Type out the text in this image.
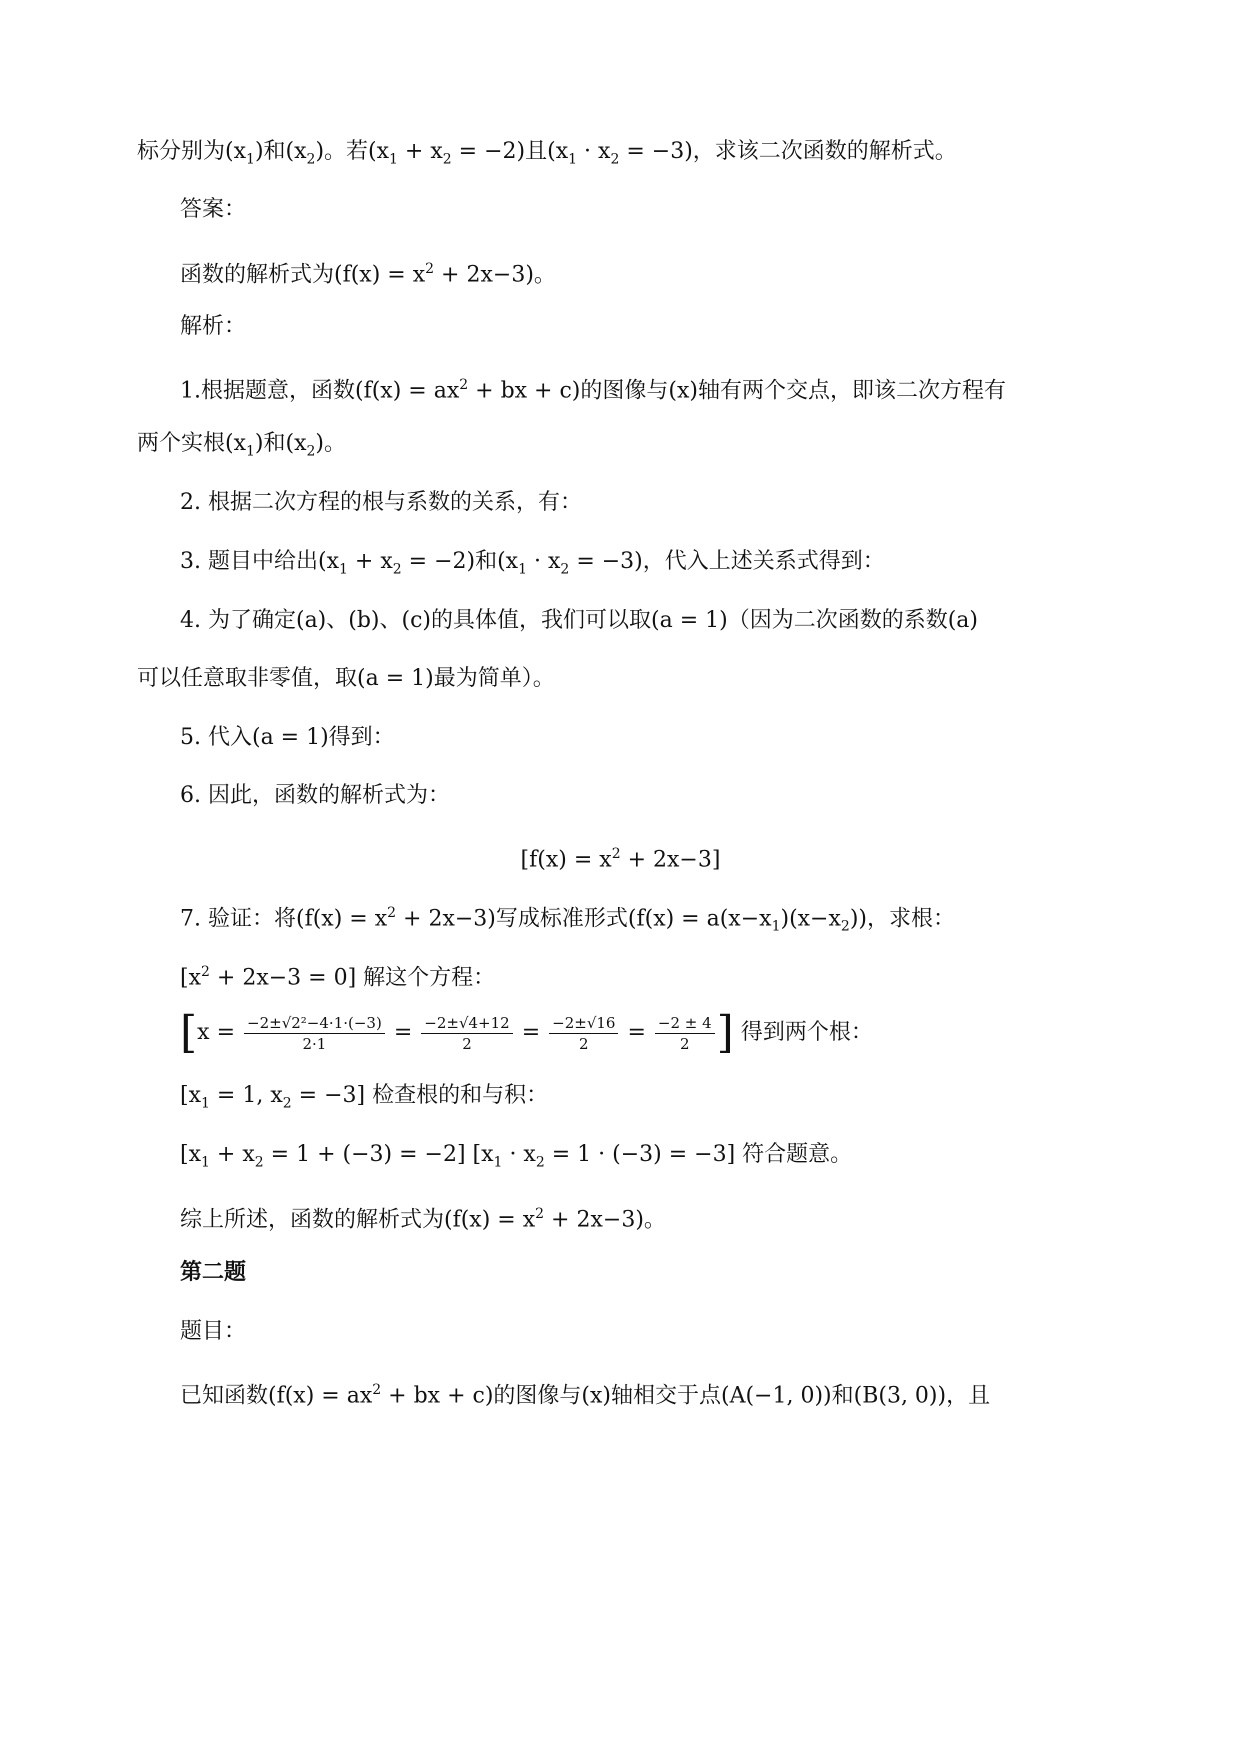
标分别为$(x_1)$和$(x_2)$。若$(x_1 + x_2 = -2)$且$(x_1 \cdot x_2 = -3)$，求该二次函数的解析式。
答案：
函数的解析式为$(f(x) = x^2 + 2x-3)$。
解析：
1.根据题意，函数($f(x) = ax^2$ + bx + c)的图像与(x)轴有两个交点，即该二次方程有
两个实根$(x_1)$和$(x_2)$。
2. 根据二次方程的根与系数的关系，有：
3. 题目中给出$(x_1 + x_2 = -2)$和$(x_1 \cdot x_2 = -3)$，代入上述关系式得到：
4. 为了确定(a)、(b)、(c)的具体值，我们可以取(a = 1)（因为二次函数的系数(a)
可以任意取非零值，取(a = 1)最为简单）。
5. 代入(a = 1)得到：
6. 因此，函数的解析式为：
$[f(x) = x^2 + 2x-3]$
7. 验证：将$(f(x) = x^2 + 2x-3)$写成标准形式$(f(x) = a(x-x_1)(x-x_2))$，求根：
$[x^2 + 2x-3 = 0]$ 解这个方程：
[$x = \frac{\text{−2±√2²−4·1·(−3)}}{2\cdot 1} = \frac{-2\pm√4+12}{2} = \frac{-2\pm√16}{2} = \frac{-2 \pm 4}{2}$ ] 得到两个根：
[$x_1 = 1$, $x_2 = -3$] 检查根的和与积：
$[x_1 + x_2 = 1 + (-3) = -2] [x_1 \cdot x_2 = 1 \cdot (-3) = -3]$ 符合题意。
综上所述，函数的解析式为$(f(x) = x^2 + 2x-3)$。
第二题
题目：
已知函数($f(x) = ax^2$ + bx + c)的图像与(x)轴相交于点(A(−1, 0))和(B(3, 0))，且
